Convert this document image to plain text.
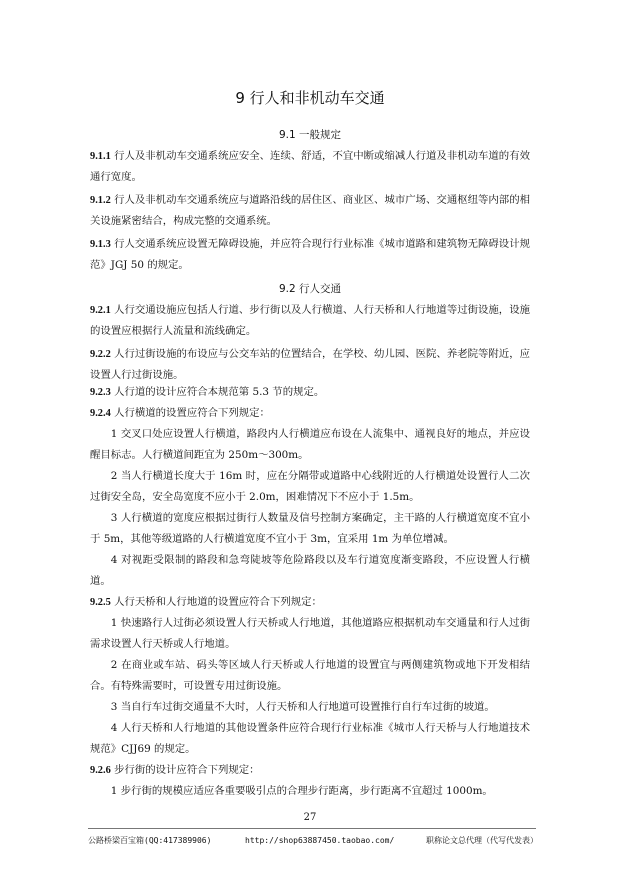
9 行人和非机动车交通
9.1 一般规定

9.1.1 行人及非机动车交通系统应安全、连续、舒适，不宜中断或缩减人行道及非机动车道的有效通行宽度。

9.1.2 行人及非机动车交通系统应与道路沿线的居住区、商业区、城市广场、交通枢纽等内部的相关设施紧密结合，构成完整的交通系统。

9.1.3 行人交通系统应设置无障碍设施，并应符合现行行业标准《城市道路和建筑物无障碍设计规范》JGJ 50 的规定。

9.2 行人交通

9.2.1 人行交通设施应包括人行道、步行街以及人行横道、人行天桥和人行地道等过街设施，设施的设置应根据行人流量和流线确定。

9.2.2 人行过街设施的布设应与公交车站的位置结合，在学校、幼儿园、医院、养老院等附近，应设置人行过街设施。

9.2.3 人行道的设计应符合本规范第 5.3 节的规定。

9.2.4 人行横道的设置应符合下列规定：

1 交叉口处应设置人行横道，路段内人行横道应布设在人流集中、通视良好的地点，并应设醒目标志。人行横道间距宜为 250m～300m。

2 当人行横道长度大于 16m 时，应在分隔带或道路中心线附近的人行横道处设置行人二次过街安全岛，安全岛宽度不应小于 2.0m，困难情况下不应小于 1.5m。

3 人行横道的宽度应根据过街行人数量及信号控制方案确定，主干路的人行横道宽度不宜小于 5m，其他等级道路的人行横道宽度不宜小于 3m，宜采用 1m 为单位增减。

4 对视距受限制的路段和急弯陡坡等危险路段以及车行道宽度渐变路段，不应设置人行横道。

9.2.5 人行天桥和人行地道的设置应符合下列规定：

1 快速路行人过街必须设置人行天桥或人行地道，其他道路应根据机动车交通量和行人过街需求设置人行天桥或人行地道。

2 在商业或车站、码头等区域人行天桥或人行地道的设置宜与两侧建筑物或地下开发相结合。有特殊需要时，可设置专用过街设施。

3 当自行车过街交通量不大时，人行天桥和人行地道可设置推行自行车过街的坡道。

4 人行天桥和人行地道的其他设置条件应符合现行行业标准《城市人行天桥与人行地道技术规范》CJJ69 的规定。

9.2.6 步行街的设计应符合下列规定：

1 步行街的规模应适应各重要吸引点的合理步行距离，步行距离不宜超过 1000m。

27
公路桥梁百宝箱(QQ:417389906)	http://shop63887450.taobao.com/	职称论文总代理（代写代发表）
